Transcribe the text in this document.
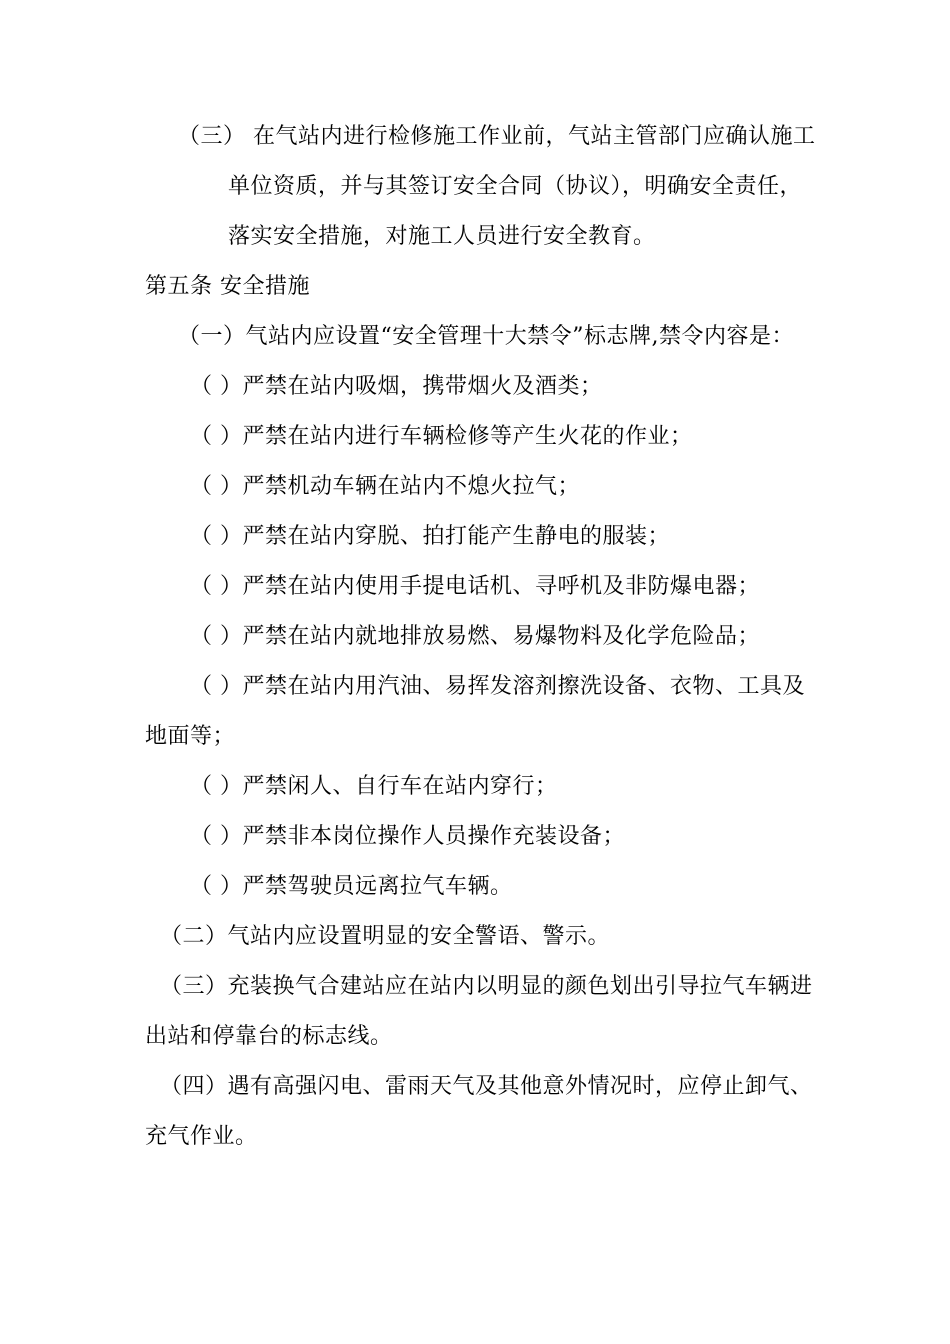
（三） 在气站内进行检修施工作业前，气站主管部门应确认施工
单位资质，并与其签订安全合同（协议），明确安全责任，
落实安全措施，对施工人员进行安全教育。
第五条 安全措施
（一）气站内应设置“安全管理十大禁令”标志牌,禁令内容是：
（ ）严禁在站内吸烟，携带烟火及酒类；
（ ）严禁在站内进行车辆检修等产生火花的作业；
（ ）严禁机动车辆在站内不熄火拉气；
（ ）严禁在站内穿脱、拍打能产生静电的服装；
（ ）严禁在站内使用手提电话机、寻呼机及非防爆电器；
（ ）严禁在站内就地排放易燃、易爆物料及化学危险品；
（ ）严禁在站内用汽油、易挥发溶剂擦洗设备、衣物、工具及
地面等；
（ ）严禁闲人、自行车在站内穿行；
（ ）严禁非本岗位操作人员操作充装设备；
（ ）严禁驾驶员远离拉气车辆。
（二）气站内应设置明显的安全警语、警示。
（三）充装换气合建站应在站内以明显的颜色划出引导拉气车辆进
出站和停靠台的标志线。
（四）遇有高强闪电、雷雨天气及其他意外情况时，应停止卸气、
充气作业。
